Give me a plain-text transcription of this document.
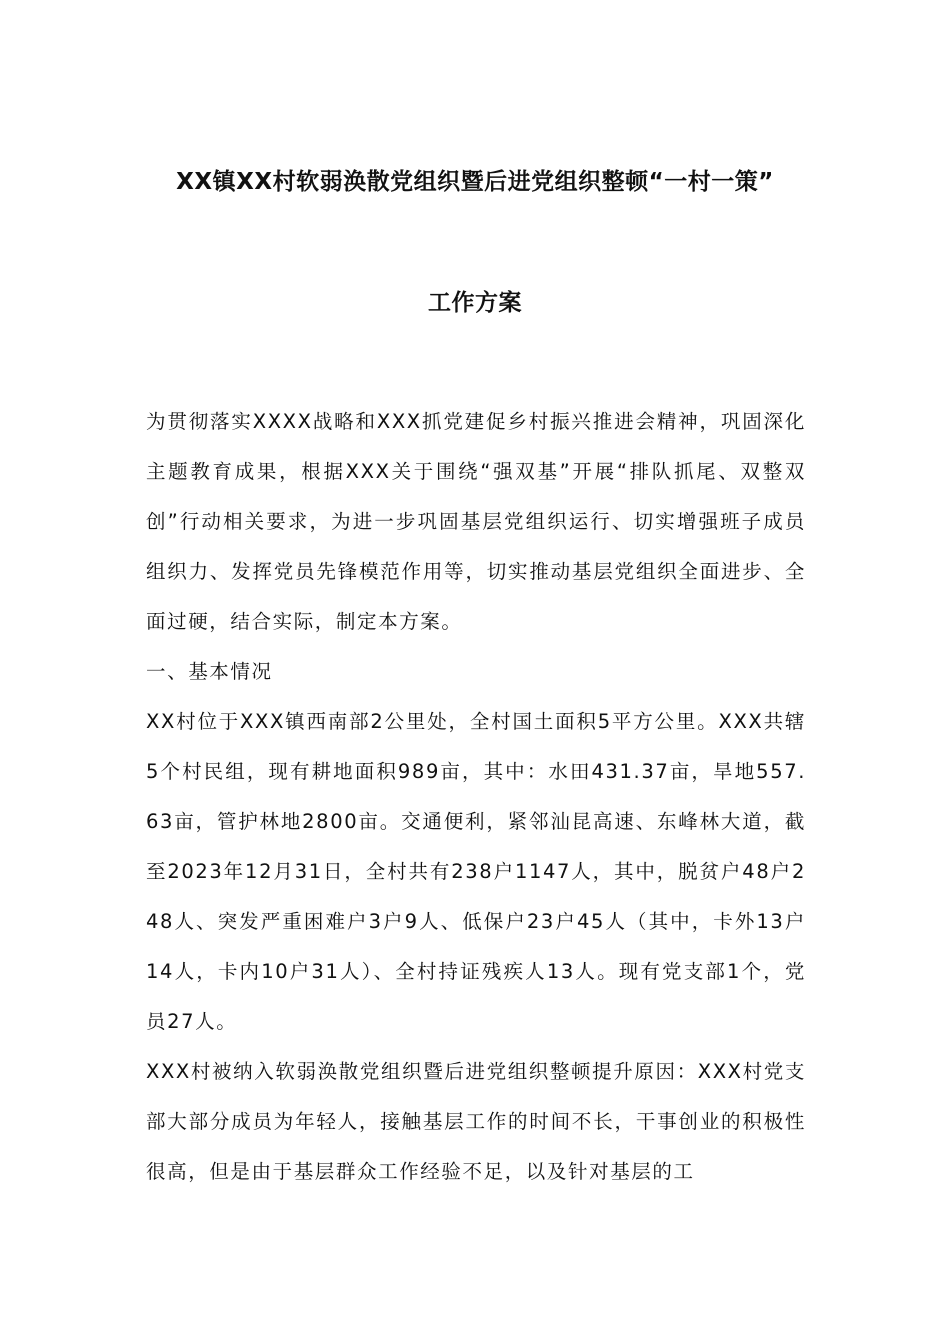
XX镇XX村软弱涣散党组织暨后进党组织整顿“一村一策”
工作方案

为贯彻落实XXXX战略和XXX抓党建促乡村振兴推进会精神，巩固深化主题教育成果，根据XXX关于围绕“强双基”开展“排队抓尾、双整双创”行动相关要求，为进一步巩固基层党组织运行、切实增强班子成员组织力、发挥党员先锋模范作用等，切实推动基层党组织全面进步、全面过硬，结合实际，制定本方案。

一、基本情况

XX村位于XXX镇西南部2公里处，全村国土面积5平方公里。XXX共辖5个村民组，现有耕地面积989亩，其中：水田431.37亩，旱地557.63亩，管护林地2800亩。交通便利，紧邻汕昆高速、东峰林大道，截至2023年12月31日，全村共有238户1147人，其中，脱贫户48户248人、突发严重困难户3户9人、低保户23户45人（其中，卡外13户14人，卡内10户31人）、全村持证残疾人13人。现有党支部1个，党员27人。

XXX村被纳入软弱涣散党组织暨后进党组织整顿提升原因：XXX村党支部大部分成员为年轻人，接触基层工作的时间不长，干事创业的积极性很高，但是由于基层群众工作经验不足，以及针对基层的工
